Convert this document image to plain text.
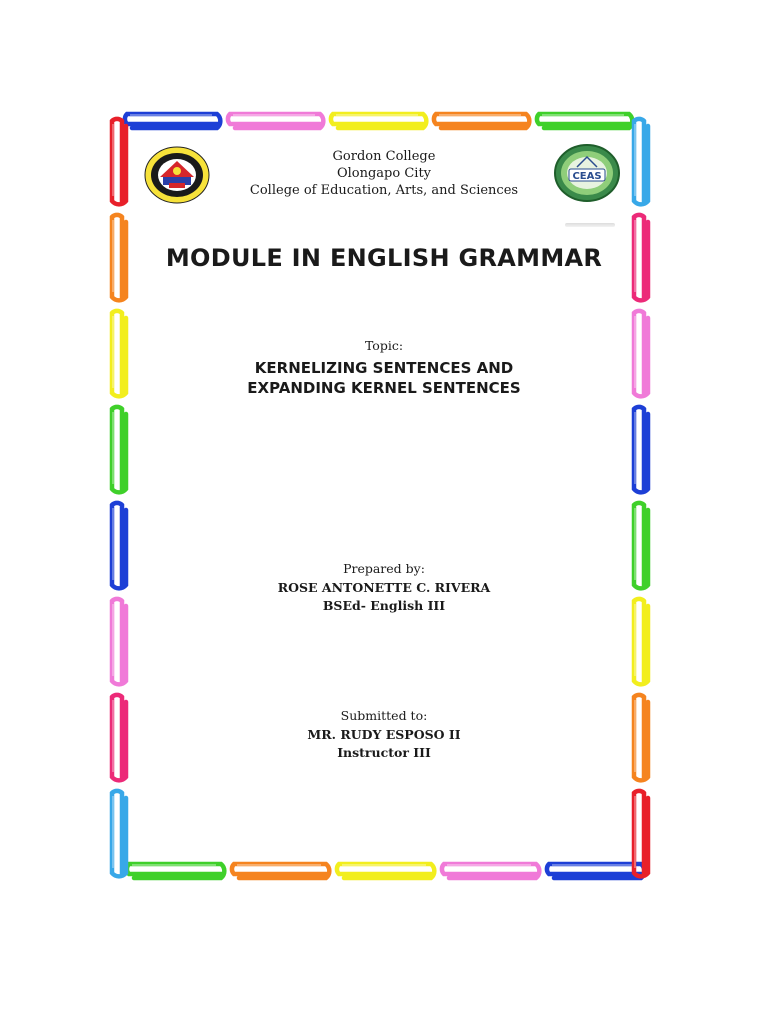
CEAS
Gordon College
Olongapo City
College of Education, Arts, and Sciences
MODULE IN ENGLISH GRAMMAR
Topic:
KERNELIZING SENTENCES AND
EXPANDING KERNEL SENTENCES
Prepared by:
ROSE ANTONETTE C. RIVERA
BSEd- English III
Submitted to:
MR. RUDY ESPOSO II
Instructor III
